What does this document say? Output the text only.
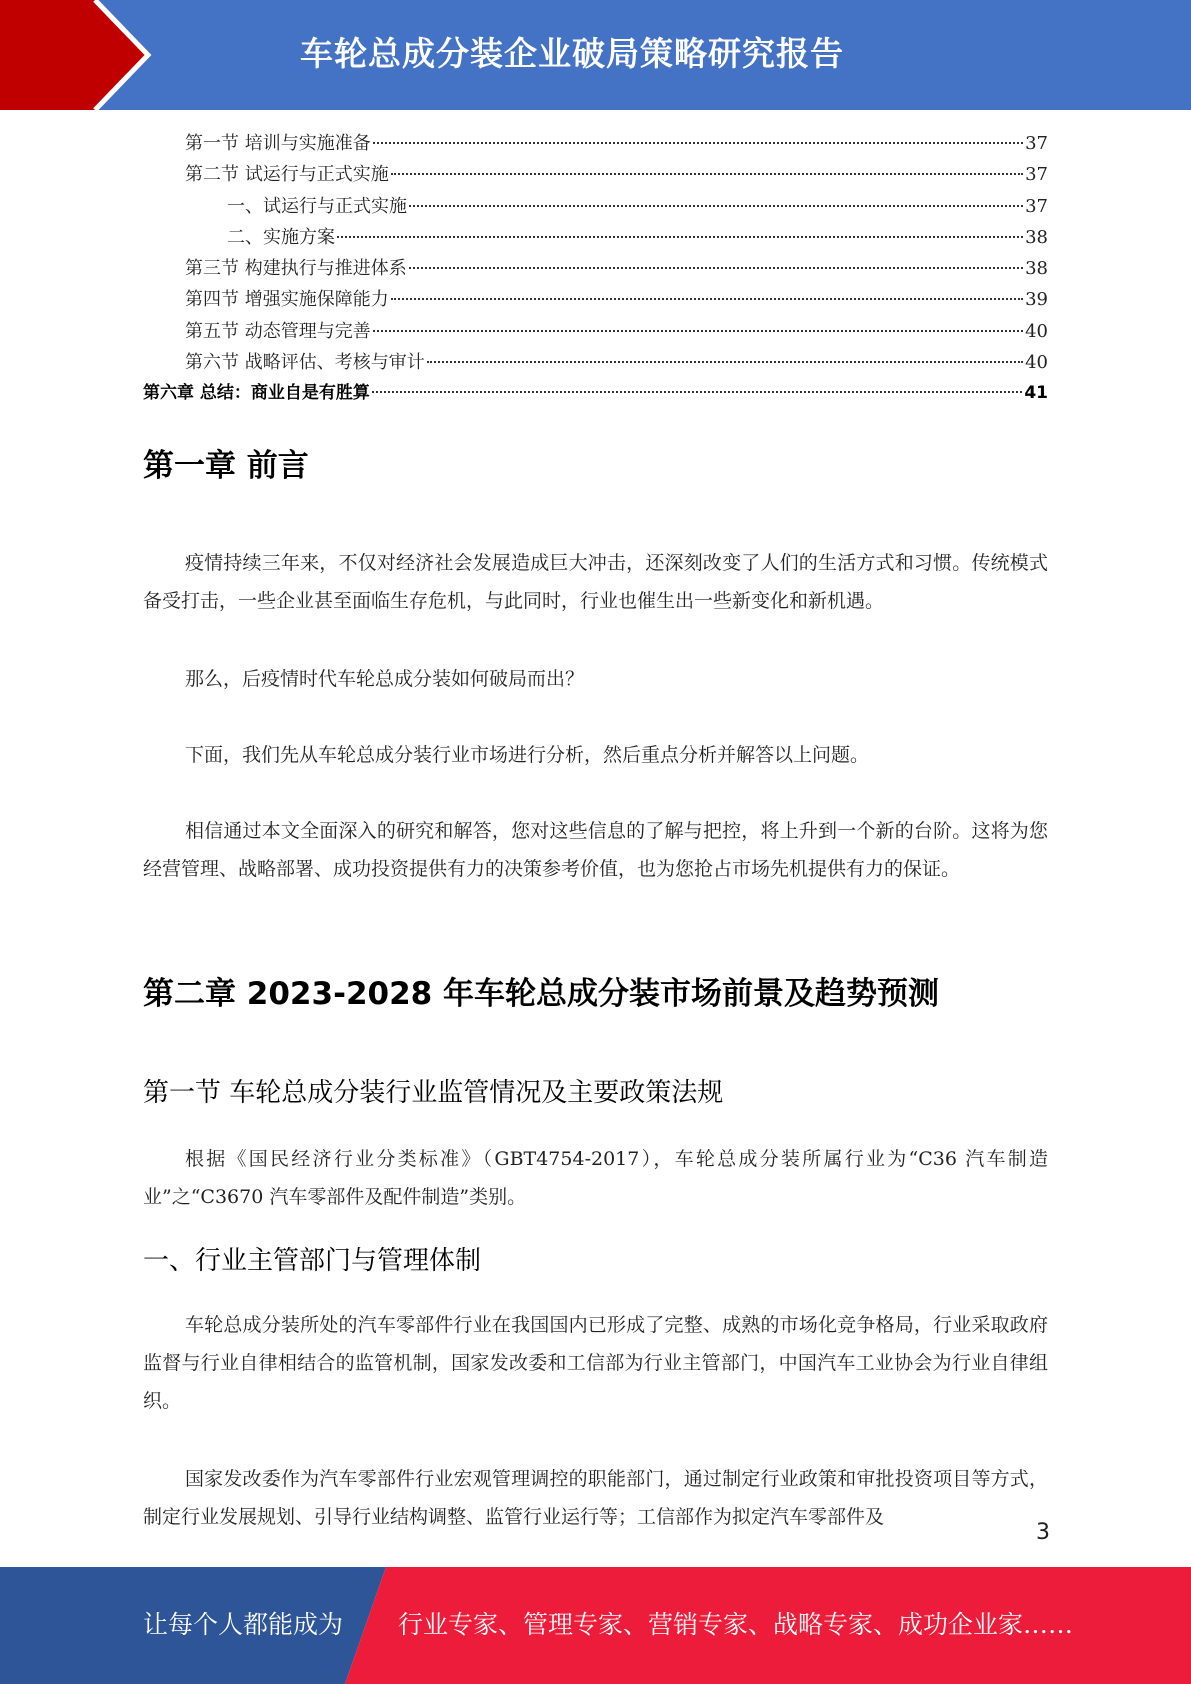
车轮总成分装企业破局策略研究报告
第一节 培训与实施准备	37
第二节 试运行与正式实施	37
一、试运行与正式实施	37
二、实施方案	38
第三节 构建执行与推进体系	38
第四节 增强实施保障能力	39
第五节 动态管理与完善	40
第六节 战略评估、考核与审计	40
第六章 总结：商业自是有胜算	41
第一章 前言
疫情持续三年来，不仅对经济社会发展造成巨大冲击，还深刻改变了人们的生活方式和习惯。传统模式备受打击，一些企业甚至面临生存危机，与此同时，行业也催生出一些新变化和新机遇。
那么，后疫情时代车轮总成分装如何破局而出？
下面，我们先从车轮总成分装行业市场进行分析，然后重点分析并解答以上问题。
相信通过本文全面深入的研究和解答，您对这些信息的了解与把控，将上升到一个新的台阶。这将为您经营管理、战略部署、成功投资提供有力的决策参考价值，也为您抢占市场先机提供有力的保证。
第二章 2023-2028 年车轮总成分装市场前景及趋势预测
第一节 车轮总成分装行业监管情况及主要政策法规
根据《国民经济行业分类标准》（GBT4754-2017），车轮总成分装所属行业为“C36 汽车制造业”之“C3670 汽车零部件及配件制造”类别。
一、行业主管部门与管理体制
车轮总成分装所处的汽车零部件行业在我国国内已形成了完整、成熟的市场化竞争格局，行业采取政府监督与行业自律相结合的监管机制，国家发改委和工信部为行业主管部门，中国汽车工业协会为行业自律组织。
国家发改委作为汽车零部件行业宏观管理调控的职能部门，通过制定行业政策和审批投资项目等方式，制定行业发展规划、引导行业结构调整、监管行业运行等；工信部作为拟定汽车零部件及
3
让每个人都能成为 行业专家、管理专家、营销专家、战略专家、成功企业家……
